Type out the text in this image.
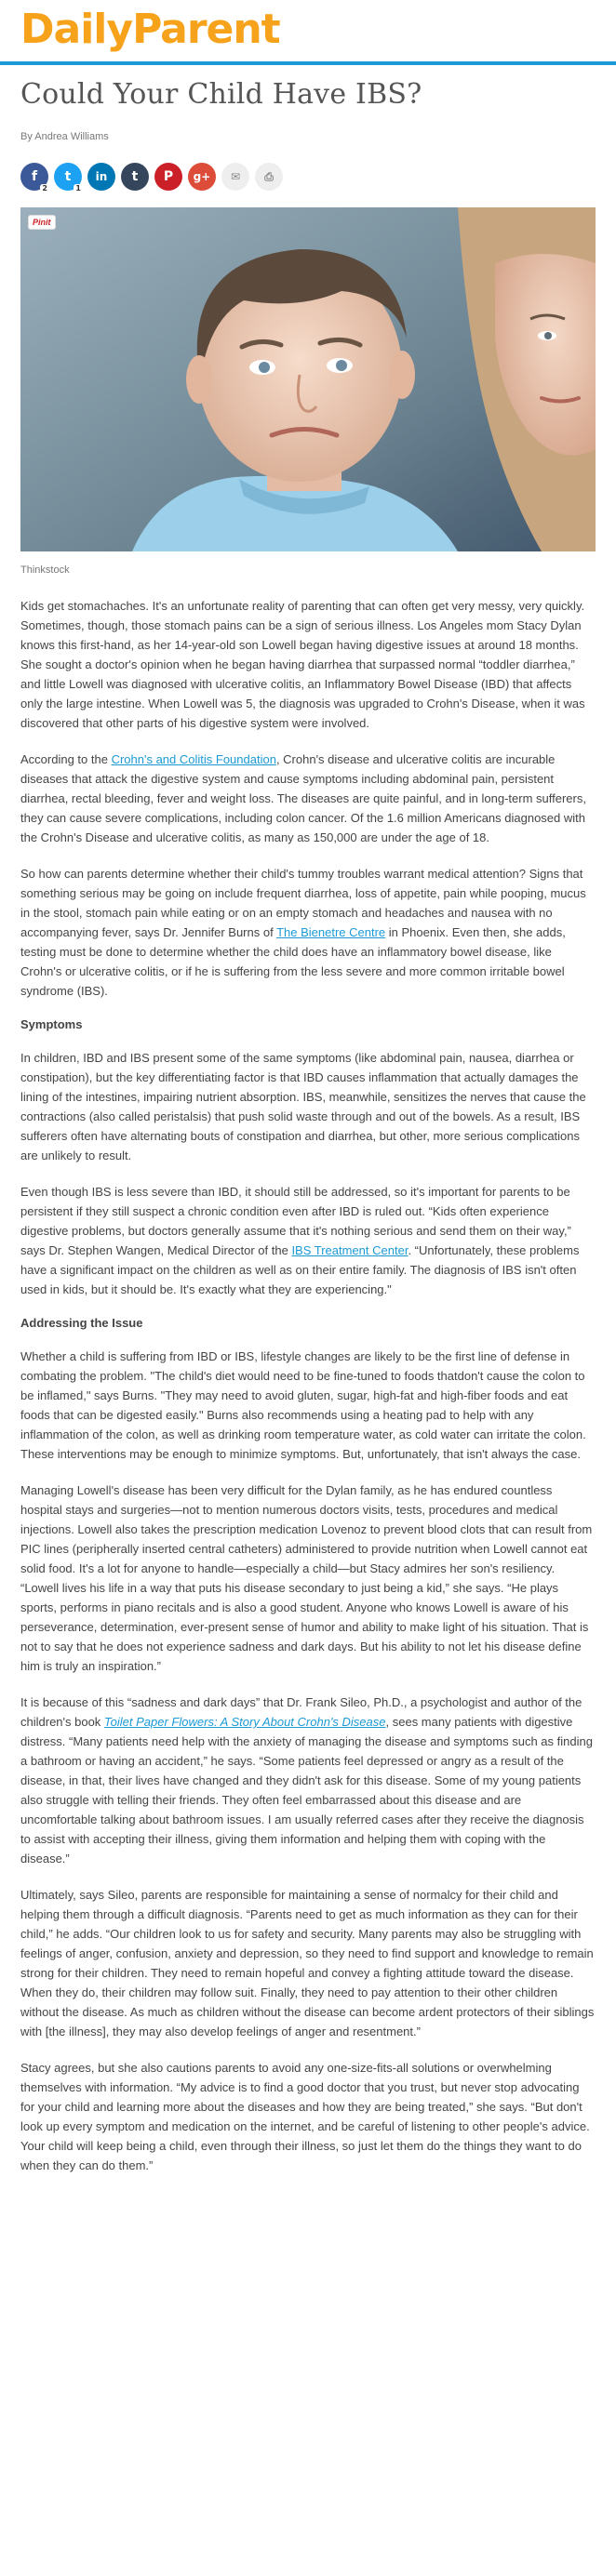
DailyParent
Could Your Child Have IBS?
By Andrea Williams
f
2
t
1
in t P g+ ✉ ⎙
Pinit
Thinkstock

Kids get stomachaches. It's an unfortunate reality of parenting that can often get very messy, very quickly. Sometimes, though, those stomach pains can be a sign of serious illness. Los Angeles mom Stacy Dylan knows this first-hand, as her 14-year-old son Lowell began having digestive issues at around 18 months. She sought a doctor's opinion when he began having diarrhea that surpassed normal “toddler diarrhea,” and little Lowell was diagnosed with ulcerative colitis, an Inflammatory Bowel Disease (IBD) that affects only the large intestine. When Lowell was 5, the diagnosis was upgraded to Crohn's Disease, when it was discovered that other parts of his digestive system were involved.

According to the Crohn's and Colitis Foundation, Crohn's disease and ulcerative colitis are incurable diseases that attack the digestive system and cause symptoms including abdominal pain, persistent diarrhea, rectal bleeding, fever and weight loss. The diseases are quite painful, and in long-term sufferers, they can cause severe complications, including colon cancer. Of the 1.6 million Americans diagnosed with the Crohn's Disease and ulcerative colitis, as many as 150,000 are under the age of 18.

So how can parents determine whether their child's tummy troubles warrant medical attention? Signs that something serious may be going on include frequent diarrhea, loss of appetite, pain while pooping, mucus in the stool, stomach pain while eating or on an empty stomach and headaches and nausea with no accompanying fever, says Dr. Jennifer Burns of The Bienetre Centre in Phoenix. Even then, she adds, testing must be done to determine whether the child does have an inflammatory bowel disease, like Crohn's or ulcerative colitis, or if he is suffering from the less severe and more common irritable bowel syndrome (IBS).

Symptoms

In children, IBD and IBS present some of the same symptoms (like abdominal pain, nausea, diarrhea or constipation), but the key differentiating factor is that IBD causes inflammation that actually damages the lining of the intestines, impairing nutrient absorption. IBS, meanwhile, sensitizes the nerves that cause the contractions (also called peristalsis) that push solid waste through and out of the bowels. As a result, IBS sufferers often have alternating bouts of constipation and diarrhea, but other, more serious complications are unlikely to result.

Even though IBS is less severe than IBD, it should still be addressed, so it's important for parents to be persistent if they still suspect a chronic condition even after IBD is ruled out. “Kids often experience digestive problems, but doctors generally assume that it's nothing serious and send them on their way,” says Dr. Stephen Wangen, Medical Director of the IBS Treatment Center. “Unfortunately, these problems have a significant impact on the children as well as on their entire family. The diagnosis of IBS isn't often used in kids, but it should be. It's exactly what they are experiencing."

Addressing the Issue

Whether a child is suffering from IBD or IBS, lifestyle changes are likely to be the first line of defense in combating the problem. "The child's diet would need to be fine-tuned to foods thatdon't cause the colon to be inflamed," says Burns. "They may need to avoid gluten, sugar, high-fat and high-fiber foods and eat foods that can be digested easily." Burns also recommends using a heating pad to help with any inflammation of the colon, as well as drinking room temperature water, as cold water can irritate the colon. These interventions may be enough to minimize symptoms. But, unfortunately, that isn't always the case.

Managing Lowell's disease has been very difficult for the Dylan family, as he has endured countless hospital stays and surgeries—not to mention numerous doctors visits, tests, procedures and medical injections. Lowell also takes the prescription medication Lovenoz to prevent blood clots that can result from PIC lines (peripherally inserted central catheters) administered to provide nutrition when Lowell cannot eat solid food. It's a lot for anyone to handle—especially a child—but Stacy admires her son's resiliency. “Lowell lives his life in a way that puts his disease secondary to just being a kid,” she says. “He plays sports, performs in piano recitals and is also a good student. Anyone who knows Lowell is aware of his perseverance, determination, ever-present sense of humor and ability to make light of his situation. That is not to say that he does not experience sadness and dark days. But his ability to not let his disease define him is truly an inspiration.”

It is because of this “sadness and dark days” that Dr. Frank Sileo, Ph.D., a psychologist and author of the children's book Toilet Paper Flowers: A Story About Crohn's Disease, sees many patients with digestive distress. “Many patients need help with the anxiety of managing the disease and symptoms such as finding a bathroom or having an accident,” he says. “Some patients feel depressed or angry as a result of the disease, in that, their lives have changed and they didn't ask for this disease. Some of my young patients also struggle with telling their friends. They often feel embarrassed about this disease and are uncomfortable talking about bathroom issues. I am usually referred cases after they receive the diagnosis to assist with accepting their illness, giving them information and helping them with coping with the disease.”

Ultimately, says Sileo, parents are responsible for maintaining a sense of normalcy for their child and helping them through a difficult diagnosis. “Parents need to get as much information as they can for their child,” he adds. “Our children look to us for safety and security. Many parents may also be struggling with feelings of anger, confusion, anxiety and depression, so they need to find support and knowledge to remain strong for their children. They need to remain hopeful and convey a fighting attitude toward the disease. When they do, their children may follow suit. Finally, they need to pay attention to their other children without the disease. As much as children without the disease can become ardent protectors of their siblings with [the illness], they may also develop feelings of anger and resentment.”

Stacy agrees, but she also cautions parents to avoid any one-size-fits-all solutions or overwhelming themselves with information. “My advice is to find a good doctor that you trust, but never stop advocating for your child and learning more about the diseases and how they are being treated,” she says. “But don't look up every symptom and medication on the internet, and be careful of listening to other people's advice. Your child will keep being a child, even through their illness, so just let them do the things they want to do when they can do them.”
